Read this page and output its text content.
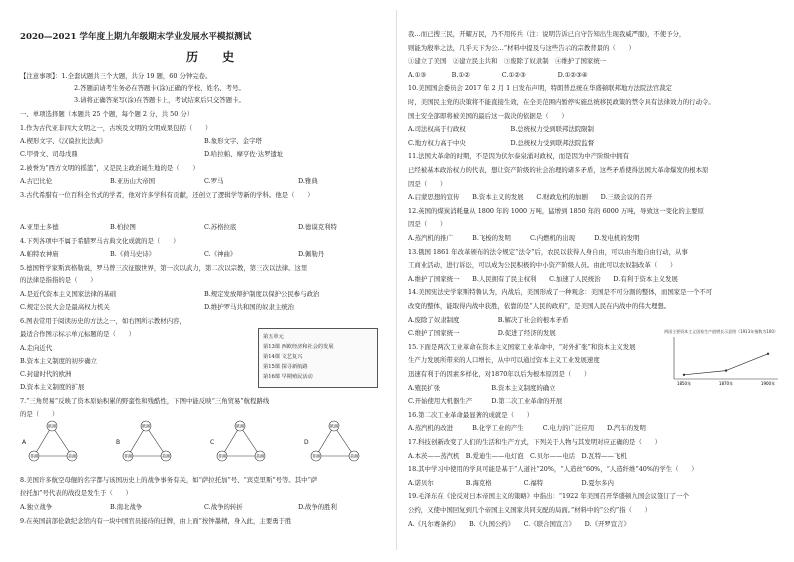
2020—2021 学年度上期九年级期末学业发展水平模拟测试
历 史
【注意事项】：1.全套试题共三个大题，共分 19 题，60 分钟完卷。
2.答题前请考生务必在答题卡(涂)正确的学校、姓名、考号。
3.请将正确答案写(涂)在答题卡上，考试结束后只交答题卡。
一、单项选择题（本题共 25 个题，每个题 2 分，共 50 分）
1.作为古代亚非四大文明之一，古埃及文明的文明成果包括（　　）
A.楔形文字、《汉谟拉比法典》	B.象形文字、金字塔
C.甲骨文、司母戊鼎	D.哈拉帕、摩亨佐·达罗遗址
2.被誉为“西方文明的摇篮”，又是民主政治诞生地的是（　　）
A.古巴比伦	B.亚历山大帝国	C.罗马	D.雅典
3.古代希腊有一位百科全书式的学者，他对许多学科有贡献，还创立了逻辑学等新的学科。他是（　　）
A.亚里士多德	B.柏拉图	C.苏格拉底	D.德谟克利特
4.下列各项中不属于希腊罗马古典文化成就的是（　　）
A.帕特农神庙	B.《荷马史诗》	C.《神曲》	D.佩勒丹
5.德国哲学家斯宾格勒说，罗马曾三次征服世界，第一次以武力，第二次以宗教，第三次以法律。这里
的法律是指指的是（　　）
A.是近代资本主义国家法律的基础	B.规定发放辩护制度以保护公民参与政治
C.规定公民大会是最高权力机关	D.维护罗马共和国的奴隶主统治
6.图表常用于阅读历史的方法之一，如右图所示教材内容，
最适合作图示标示单元标题的是（　　）
A.走向近代
B.资本主义制度的初步确立
C.封建时代的欧洲
D.资本主义制度的扩展
第五单元
第13课 西欧经济和社会的发展
第14课 文艺复兴
第15课 探寻新航路
第16课 早期殖民活动
7.“三角贸易”反映了资本原始积累的野蛮性和残酷性，下图中能反映“三角贸易”航程路线
的是（　　）
A
欧洲
非洲	美洲
B
欧洲
非洲	美洲
C
欧洲
非洲	美洲
D
欧洲
非洲	美洲
8.美国许多航空母舰的名字都与该国历史上的战争事务有关，如“萨拉托加”号、“宾克里斯”号等。其中“萨
拉托加”号代表的战役是发生于（　　）
A.独立战争	B.南北战争	C.战争的转折	D.战争的胜利
9.在英国前部伦敦纪念馆内有一块中国官员接待的迁牌，由上面“按钟墨精，身入此，主要勇于胜
我…而已搜三民，开耀万民，乃不用传兵（注：说明告诉已自守告知出生现我威严服)，不使予分，
则能为殷举之法，几乎天下为公…”材料中提及与这些告示的宗教背景的（　　）
①建立了美国　②建立民主共和　③废除了奴隶制　④维护了国家统一
A.①③　　　　B.①②　　　　　C.①②③　　　　　D.①②③④
10.美国国会委员会 2017 年 2 月 1 日发布声明，特朗普总统在华盛顿联邦地方法院法官裁定
时，美国民主党的决策将不能直接生效，在全美范围内暂停实施总统移民政策的禁令具有法律效力的行动令。
国土安全部即将被美国的最后这一裁决的依据是（　　）
A.司法权高于行政权　　　　　　　B.总统权力受到联邦法院限制
C.地方权力高于中央　　　　　　　D.总统权力受到联邦法院监督
11.法国大革命的时期，不是因为伏尔泰泉涌对政权，而是因为中产阶级中拥有
已经被基本政治权力的代表，想让资产阶级的社会治理的诸多矛盾，这些矛盾使得法国大革命爆发的根本原
因是（　　）
A.启蒙思想的宣传　　B.资本主义的发展　　C.财政危机的加剧　　D.三级会议的召开
12.英国的煤炭消耗量从 1800 年的 1000 万吨，猛增到 1850 年的 6000 万吨，导致这一变化的主要原
因是（　　）
A.蒸汽机的推广　　　B.飞梭的发明　　　C.内燃机的出现　　　D.发电机的发明
13.俄国 1861 年改革颁布的法令规定“法令”后，农民以获得人身自由，可以由当地自由行动，从事
工商业活动，进行诉讼，可以成为公民积极的中小资产阶级人员。由此可以农奴制改革（　　）
A.维护了国家统一　　B.人民拥有了民主权利　　C.加速了人民统治　　D.有利于资本主义发展
14.美国宪法史学家斯特鲁认为，内战后，美国形成了一种观念：美国是不可分割的整体，而国家是一个不可
改变的整体，能取得内战中获胜，依靠的是“人民的政府”，是美国人民在内战中的伟大理想。
A.废除了奴隶制度　　　　　　B.解决了社会的根本矛盾
C.维护了国家统一　　　　　　D.促进了经济的发展
15.下面是两次工业革命在资本主义国家工业革命中，“对外扩张”和资本主义发展
生产力发展所带来的人口增长，从中可以通过资本主义工业发展速度
迅速有利于的因素多样化，对1870年以后为根本原因是（　　）
A.殖民扩张　　　　　　　　B.资本主义制度的确立
C.开始使用大机器生产　　　D.第二次工业革命的开展
16.第二次工业革命最显著的成就是（　　）
A.蒸汽机的改进　　　B.化学工业的产生　　　C.电力的广泛应用　　D.汽车的发明
17.科技创新改变了人们的生活和生产方式，下列关于人物与其发明对应正确的是（　　）
A.本茨——蒸汽机　B.爱迪生——电灯泡　C.贝尔——电话　D.瓦特——飞机
18.其中学习中使用的学具可能是基于“人道社”20%，“人造丝”60%，“人造纤维”40%的学生（　　）
A.诺贝尔　　　　　B.海克格　　　　　C.福特　　　　　　D.夏尔多内
19.毛泽东在《论反对日本帝国主义的策略》中指出：“1922 年美国召开华盛顿九国会议签订了一个
公约，又使中国回复到几个帝国主义国家共同支配的局面。”材料中的“公约”指（　　）
A.《凡尔赛条约》　　B.《九国公约》　　C.《联合国宣言》　　D.《开罗宣言》
两国主要资本主义国家生产值增长示意图（1913年指数为100）
1850年	1870年	1900年
